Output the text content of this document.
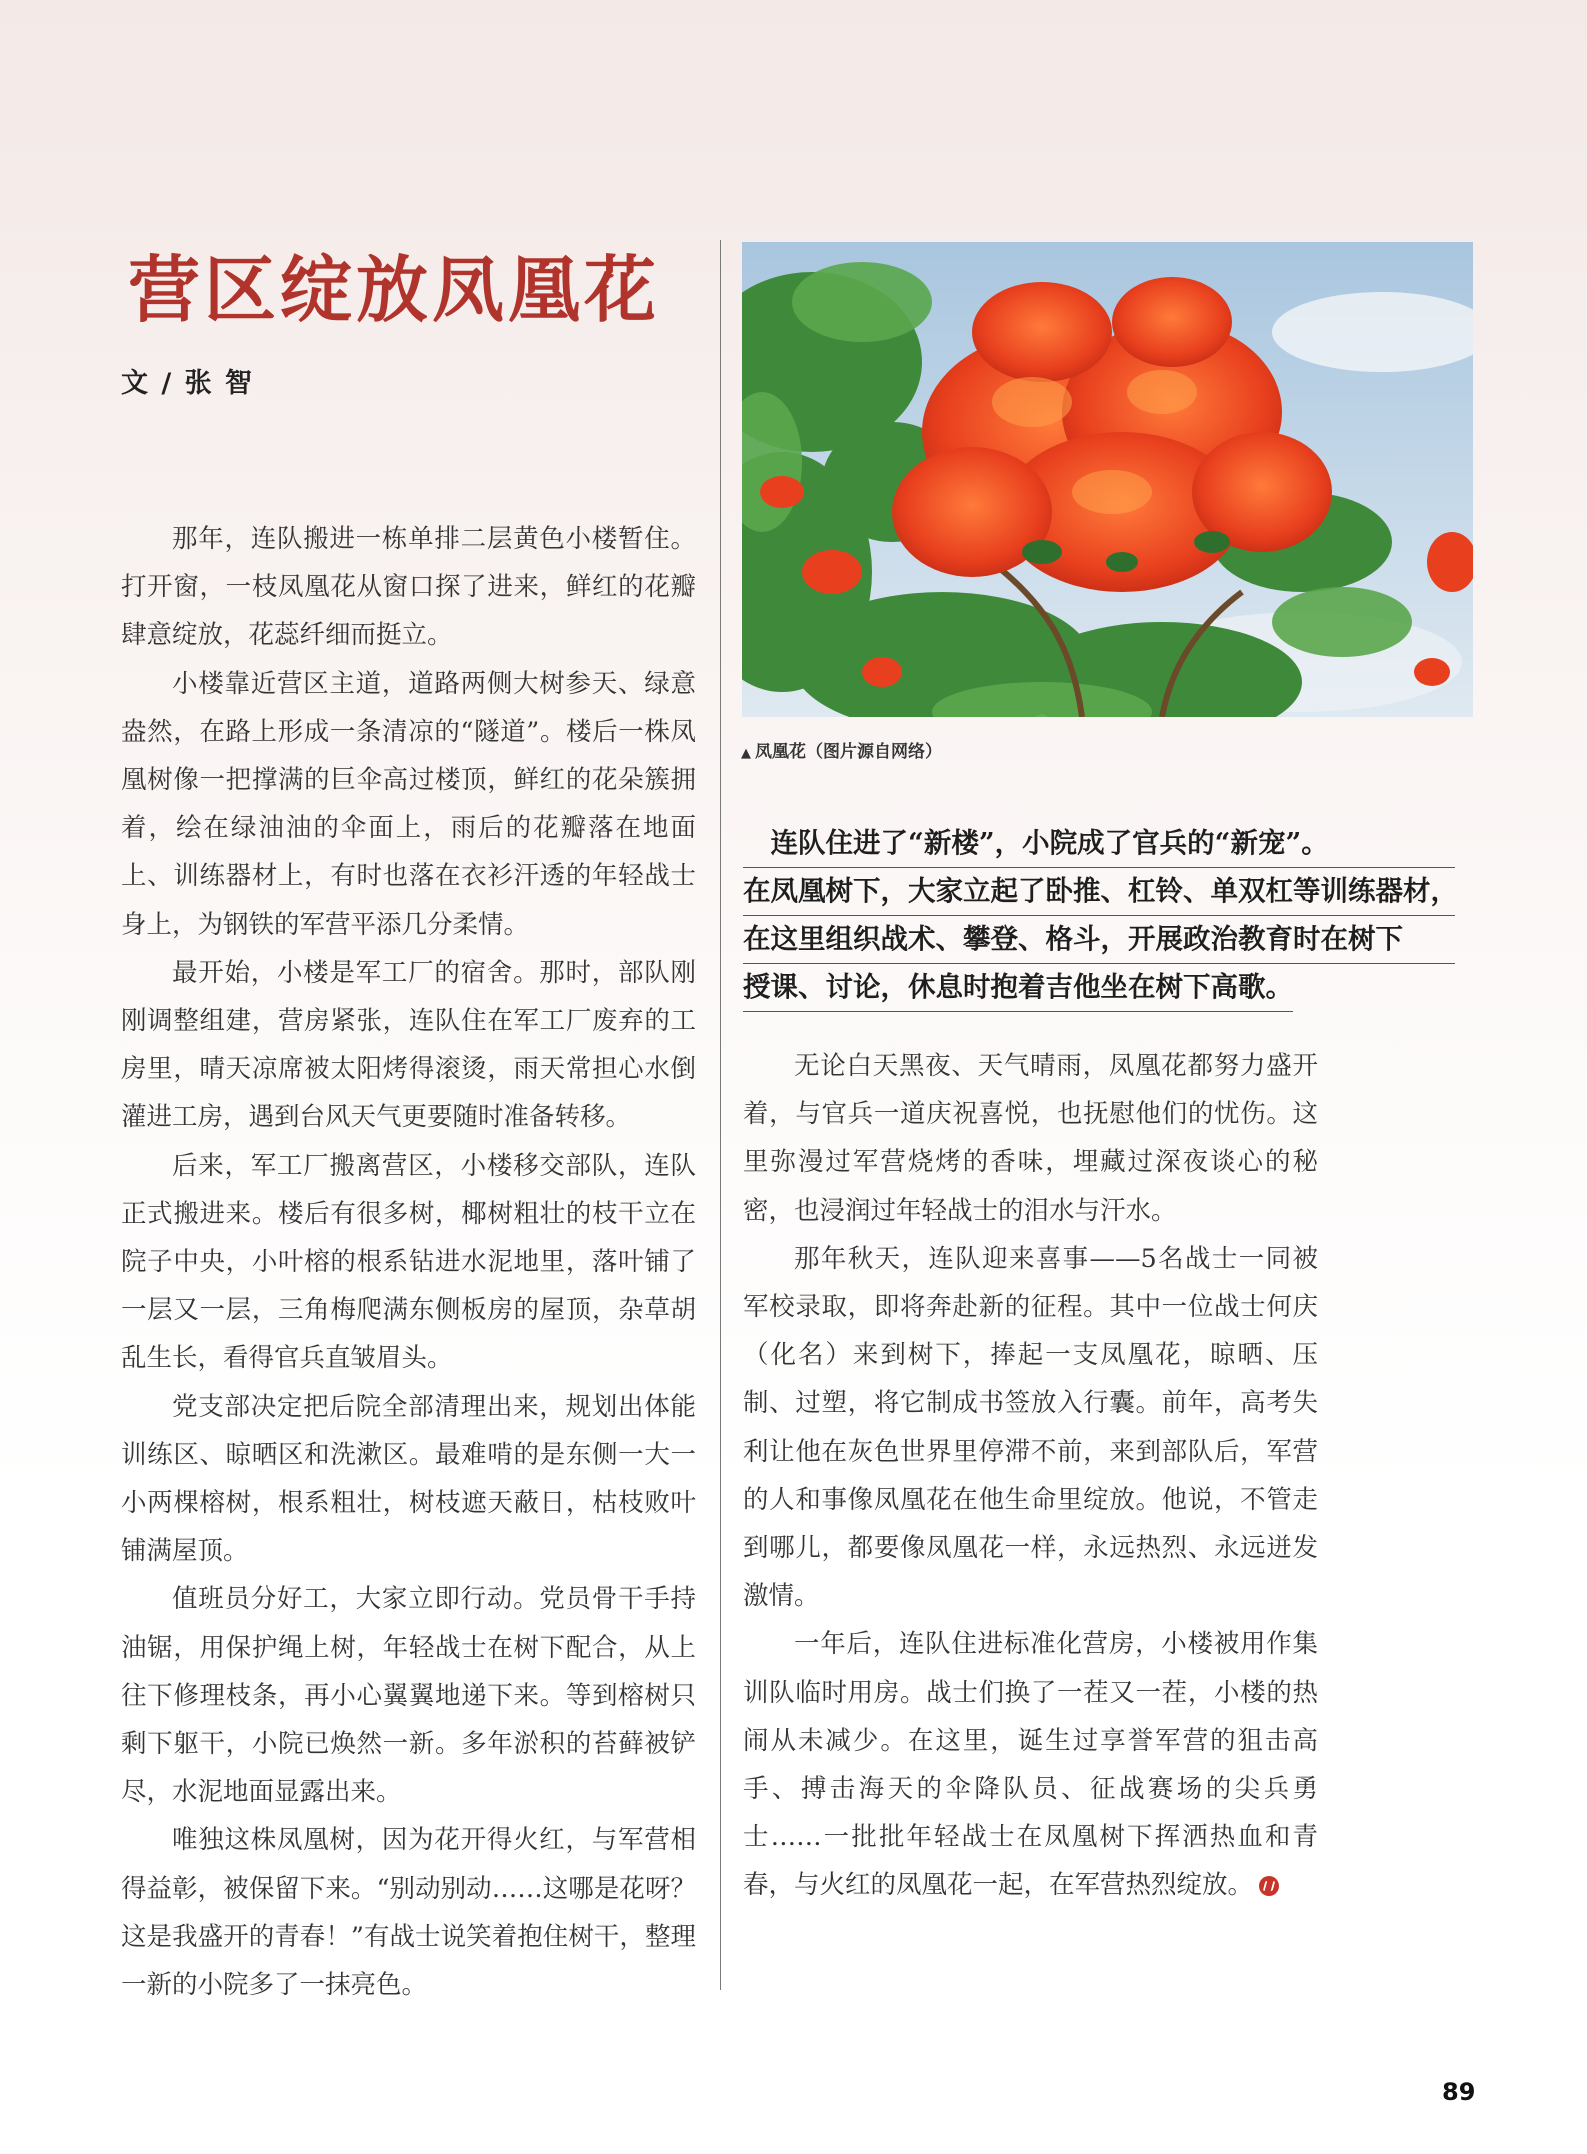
营区绽放凤凰花
文 / 张 智

那年，连队搬进一栋单排二层黄色小楼暂住。打开窗，一枝凤凰花从窗口探了进来，鲜红的花瓣肆意绽放，花蕊纤细而挺立。

小楼靠近营区主道，道路两侧大树参天、绿意盎然，在路上形成一条清凉的“隧道”。楼后一株凤凰树像一把撑满的巨伞高过楼顶，鲜红的花朵簇拥着，绘在绿油油的伞面上，雨后的花瓣落在地面上、训练器材上，有时也落在衣衫汗透的年轻战士身上，为钢铁的军营平添几分柔情。

最开始，小楼是军工厂的宿舍。那时，部队刚刚调整组建，营房紧张，连队住在军工厂废弃的工房里，晴天凉席被太阳烤得滚烫，雨天常担心水倒灌进工房，遇到台风天气更要随时准备转移。

后来，军工厂搬离营区，小楼移交部队，连队正式搬进来。楼后有很多树，椰树粗壮的枝干立在院子中央，小叶榕的根系钻进水泥地里，落叶铺了一层又一层，三角梅爬满东侧板房的屋顶，杂草胡乱生长，看得官兵直皱眉头。

党支部决定把后院全部清理出来，规划出体能训练区、晾晒区和洗漱区。最难啃的是东侧一大一小两棵榕树，根系粗壮，树枝遮天蔽日，枯枝败叶铺满屋顶。

值班员分好工，大家立即行动。党员骨干手持油锯，用保护绳上树，年轻战士在树下配合，从上往下修理枝条，再小心翼翼地递下来。等到榕树只剩下躯干，小院已焕然一新。多年淤积的苔藓被铲尽，水泥地面显露出来。

唯独这株凤凰树，因为花开得火红，与军营相得益彰，被保留下来。“别动别动……这哪是花呀？这是我盛开的青春！”有战士说笑着抱住树干，整理一新的小院多了一抹亮色。

▲ 凤凰花（图片源自网络）
　连队住进了“新楼”，小院成了官兵的“新宠”。
在凤凰树下，大家立起了卧推、杠铃、单双杠等训练器材，
在这里组织战术、攀登、格斗，开展政治教育时在树下
授课、讨论，休息时抱着吉他坐在树下高歌。

无论白天黑夜、天气晴雨，凤凰花都努力盛开着，与官兵一道庆祝喜悦，也抚慰他们的忧伤。这里弥漫过军营烧烤的香味，埋藏过深夜谈心的秘密，也浸润过年轻战士的泪水与汗水。

那年秋天，连队迎来喜事——5名战士一同被军校录取，即将奔赴新的征程。其中一位战士何庆（化名）来到树下，捧起一支凤凰花，晾晒、压制、过塑，将它制成书签放入行囊。前年，高考失利让他在灰色世界里停滞不前，来到部队后，军营的人和事像凤凰花在他生命里绽放。他说，不管走到哪儿，都要像凤凰花一样，永远热烈、永远迸发激情。

一年后，连队住进标准化营房，小楼被用作集训队临时用房。战士们换了一茬又一茬，小楼的热闹从未减少。在这里，诞生过享誉军营的狙击高手、搏击海天的伞降队员、征战赛场的尖兵勇士……一批批年轻战士在凤凰树下挥洒热血和青春，与火红的凤凰花一起，在军营热烈绽放。

89
